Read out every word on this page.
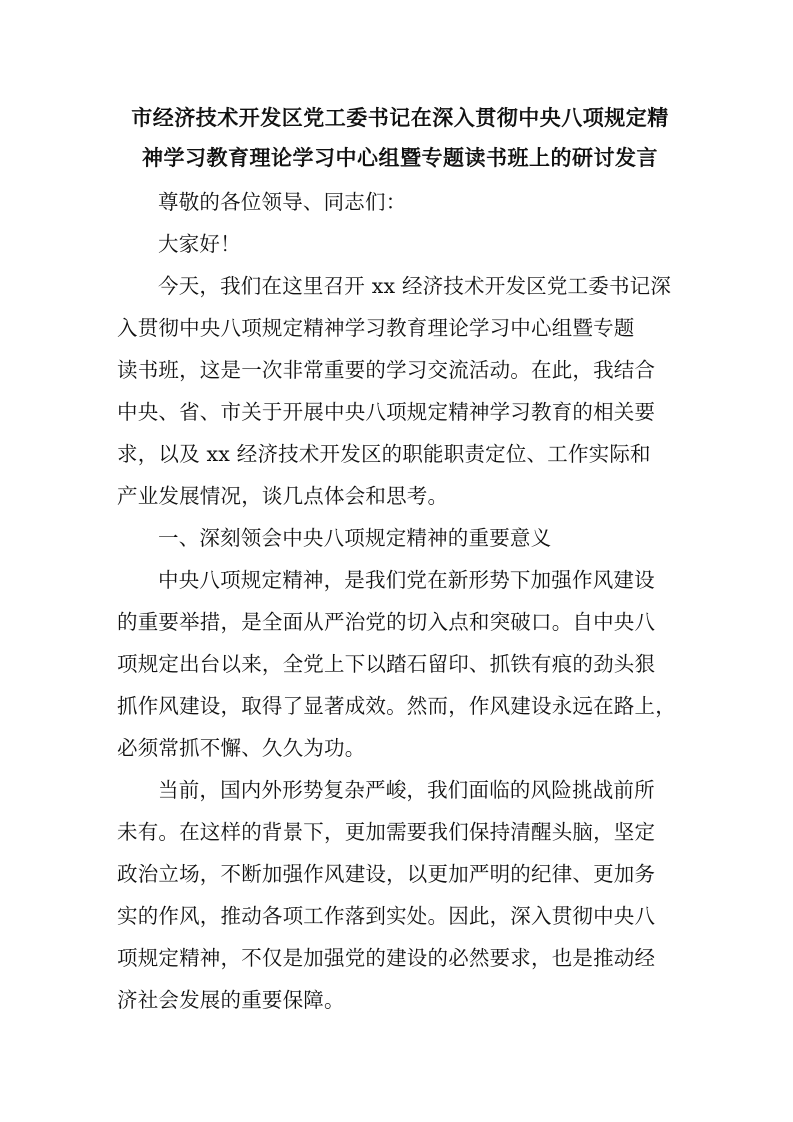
市经济技术开发区党工委书记在深入贯彻中央八项规定精
神学习教育理论学习中心组暨专题读书班上的研讨发言
尊敬的各位领导、同志们：
大家好！
今天，我们在这里召开 xx 经济技术开发区党工委书记深
入贯彻中央八项规定精神学习教育理论学习中心组暨专题
读书班，这是一次非常重要的学习交流活动。在此，我结合
中央、省、市关于开展中央八项规定精神学习教育的相关要
求，以及 xx 经济技术开发区的职能职责定位、工作实际和
产业发展情况，谈几点体会和思考。
一、深刻领会中央八项规定精神的重要意义
中央八项规定精神，是我们党在新形势下加强作风建设
的重要举措，是全面从严治党的切入点和突破口。自中央八
项规定出台以来，全党上下以踏石留印、抓铁有痕的劲头狠
抓作风建设，取得了显著成效。然而，作风建设永远在路上，
必须常抓不懈、久久为功。
当前，国内外形势复杂严峻，我们面临的风险挑战前所
未有。在这样的背景下，更加需要我们保持清醒头脑，坚定
政治立场，不断加强作风建设，以更加严明的纪律、更加务
实的作风，推动各项工作落到实处。因此，深入贯彻中央八
项规定精神，不仅是加强党的建设的必然要求，也是推动经
济社会发展的重要保障。
